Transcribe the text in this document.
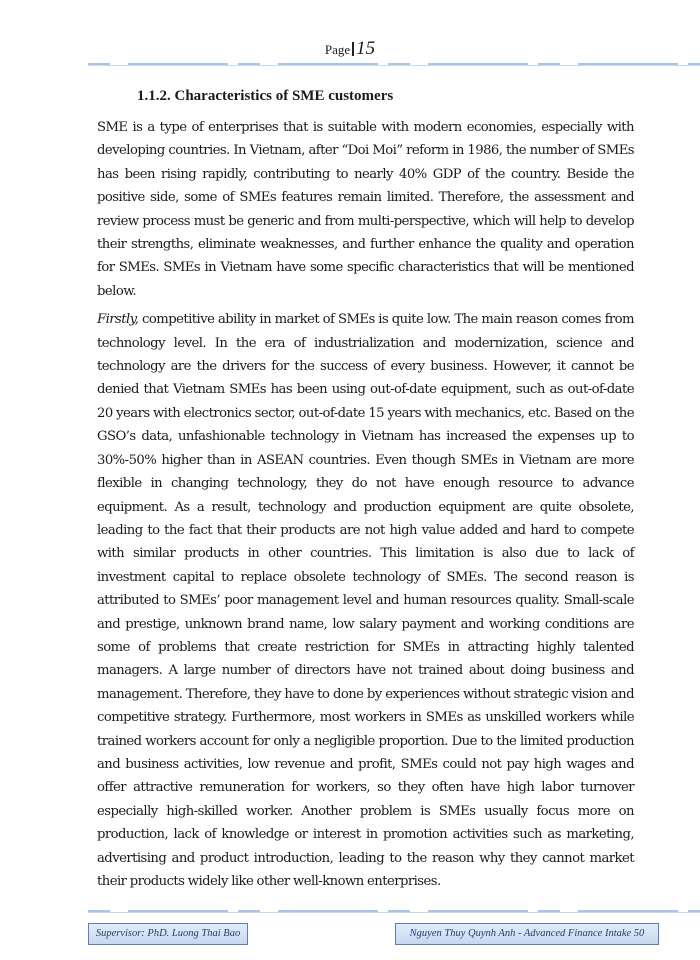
Page 15
1.1.2. Characteristics of SME customers

SME is a type of enterprises that is suitable with modern economies, especially with developing countries. In Vietnam, after “Doi Moi” reform in 1986, the number of SMEs has been rising rapidly, contributing to nearly 40% GDP of the country. Beside the positive side, some of SMEs features remain limited. Therefore, the assessment and review process must be generic and from multi-perspective, which will help to develop their strengths, eliminate weaknesses, and further enhance the quality and operation for SMEs. SMEs in Vietnam have some specific characteristics that will be mentioned below.

Firstly, competitive ability in market of SMEs is quite low. The main reason comes from technology level. In the era of industrialization and modernization, science and technology are the drivers for the success of every business. However, it cannot be denied that Vietnam SMEs has been using out-of-date equipment, such as out-of-date 20 years with electronics sector, out-of-date 15 years with mechanics, etc. Based on the GSO’s data, unfashionable technology in Vietnam has increased the expenses up to 30%-50% higher than in ASEAN countries. Even though SMEs in Vietnam are more flexible in changing technology, they do not have enough resource to advance equipment. As a result, technology and production equipment are quite obsolete, leading to the fact that their products are not high value added and hard to compete with similar products in other countries. This limitation is also due to lack of investment capital to replace obsolete technology of SMEs. The second reason is attributed to SMEs’ poor management level and human resources quality. Small-scale and prestige, unknown brand name, low salary payment and working conditions are some of problems that create restriction for SMEs in attracting highly talented managers. A large number of directors have not trained about doing business and management. Therefore, they have to done by experiences without strategic vision and competitive strategy. Furthermore, most workers in SMEs as unskilled workers while trained workers account for only a negligible proportion. Due to the limited production and business activities, low revenue and profit, SMEs could not pay high wages and offer attractive remuneration for workers, so they often have high labor turnover especially high-skilled worker. Another problem is SMEs usually focus more on production, lack of knowledge or interest in promotion activities such as marketing, advertising and product introduction, leading to the reason why they cannot market their products widely like other well-known enterprises.

Supervisor: PhD. Luong Thai Bao	Nguyen Thuy Quynh Anh - Advanced Finance Intake 50
